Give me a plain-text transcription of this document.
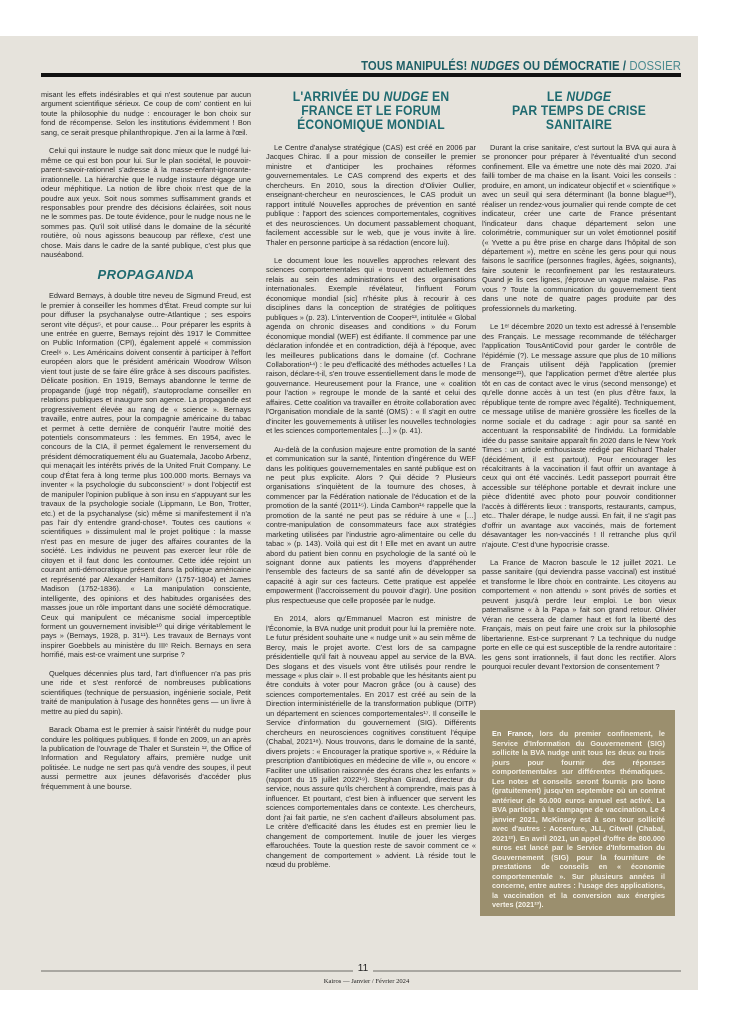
TOUS MANIPULÉS! NUDGES OU DÉMOCRATIE / DOSSIER

misant les effets indésirables et qui n'est soutenue par aucun argument scientifique sérieux. Ce coup de com' contient en lui toute la philosophie du nudge : encourager le bon choix sur fond de récompense. Selon les institutions évidemment ! Bon sang, ce serait presque philanthropique. J'en ai la larme à l'œil.

Celui qui instaure le nudge sait donc mieux que le nudgé lui-même ce qui est bon pour lui. Sur le plan sociétal, le pouvoir-parent-savoir-rationnel s'adresse à la masse-enfant-ignorante-irrationnelle. La hiérarchie que le nudge instaure dégage une odeur méphitique. La notion de libre choix n'est que de la poudre aux yeux. Soit nous sommes suffisamment grands et responsables pour prendre des décisions éclairées, soit nous ne le sommes pas. De toute évidence, pour le nudge nous ne le sommes pas. Qu'il soit utilisé dans le domaine de la sécurité routière, où nous agissons beaucoup par réflexe, c'est une chose. Mais dans le cadre de la santé publique, c'est plus que nauséabond.

PROPAGANDA

Edward Bernays, à double titre neveu de Sigmund Freud, est le premier à conseiller les hommes d'État. Freud compte sur lui pour diffuser la psychanalyse outre-Atlantique ; ses espoirs seront vite déçus⁵, et pour cause… Pour préparer les esprits à une entrée en guerre, Bernays rejoint dès 1917 le Committee on Public Information (CPI), également appelé « commission Creel⁶ ». Les Américains doivent consentir à participer à l'effort européen alors que le président américain Woodrow Wilson vient tout juste de se faire élire grâce à ses discours pacifistes. Délicate position. En 1919, Bernays abandonne le terme de propagande (jugé trop négatif), s'autoproclame conseiller en relations publiques et inaugure son agence. La propagande est progressivement élevée au rang de « science ». Bernays travaille, entre autres, pour la compagnie américaine du tabac et permet à cette dernière de conquérir l'autre moitié des potentiels consommateurs : les femmes. En 1954, avec le concours de la CIA, il permet également le renversement du président démocratiquement élu au Guatemala, Jacobo Arbenz, qui menaçait les intérêts privés de la United Fruit Company. Le coup d'État fera à long terme plus 100.000 morts. Bernays va inventer « la psychologie du subconscient⁷ » dont l'objectif est de manipuler l'opinion publique à son insu en s'appuyant sur les travaux de la psychologie sociale (Lippmann, Le Bon, Trotter, etc.) et de la psychanalyse (sic) même si manifestement il n'a pas l'air d'y entendre grand-chose⁸. Toutes ces cautions « scientifiques » dissimulent mal le projet politique : la masse n'est pas en mesure de juger des affaires courantes de la société. Les individus ne peuvent pas exercer leur rôle de citoyen et il faut donc les contourner. Cette idée rejoint un courant anti-démocratique présent dans la politique américaine et représenté par Alexander Hamilton⁹ (1757-1804) et James Madison (1752-1836). « La manipulation consciente, intelligente, des opinions et des habitudes organisées des masses joue un rôle important dans une société démocratique. Ceux qui manipulent ce mécanisme social imperceptible forment un gouvernement invisible¹⁰ qui dirige véritablement le pays » (Bernays, 1928, p. 31¹¹). Les travaux de Bernays vont inspirer Goebbels au ministère du IIIᵉ Reich. Bernays en sera horrifié, mais est-ce vraiment une surprise ?

Quelques décennies plus tard, l'art d'influencer n'a pas pris une ride et s'est renforcé de nombreuses publications scientifiques (technique de persuasion, ingénierie sociale, Petit traité de manipulation à l'usage des honnêtes gens — un livre à mettre au pied du sapin).

Barack Obama est le premier à saisir l'intérêt du nudge pour conduire les politiques publiques. Il fonde en 2009, un an après la publication de l'ouvrage de Thaler et Sunstein ¹², the Office of Information and Regulatory affairs, première nudge unit politisée. Le nudge ne sert pas qu'à vendre des soupes, il peut aussi permettre aux jeunes défavorisés d'accéder plus fréquemment à une bourse.

L'ARRIVÉE DU NUDGE EN FRANCE ET LE FORUM ÉCONOMIQUE MONDIAL

Le Centre d'analyse stratégique (CAS) est créé en 2006 par Jacques Chirac. Il a pour mission de conseiller le premier ministre et d'anticiper les prochaines réformes gouvernementales. Le CAS comprend des experts et des chercheurs. En 2010, sous la direction d'Olivier Oullier, enseignant-chercheur en neurosciences, le CAS produit un rapport intitulé Nouvelles approches de prévention en santé publique : l'apport des sciences comportementales, cognitives et des neurosciences. Un document passablement choquant, facilement accessible sur le web, que je vous invite à lire. Thaler en personne participe à sa rédaction (encore lui).

Le document loue les nouvelles approches relevant des sciences comportementales qui « trouvent actuellement des relais au sein des administrations et des organisations internationales. Exemple révélateur, l'influent Forum économique mondial [sic] n'hésite plus à recourir à ces disciplines dans la conception de stratégies de politiques publiques » (p. 23). L'intervention de Cooper¹³, intitulée « Global agenda on chronic diseases and conditions » du Forum économique mondial (WEF) est édifiante. Il commence par une déclaration infondée et en contradiction, déjà à l'époque, avec les meilleures publications dans le domaine (cf. Cochrane Collaboration¹⁴) : le peu d'efficacité des méthodes actuelles ! La raison, déclare-t-il, s'en trouve essentiellement dans le mode de gouvernance. Heureusement pour la France, une « coalition pour l'action » regroupe le monde de la santé et celui des affaires. Cette coalition va travailler en étroite collaboration avec l'Organisation mondiale de la santé (OMS) : « Il s'agit en outre d'inciter les gouvernements à utiliser les nouvelles technologies et les sciences comportementales […] » (p. 41).

Au-delà de la confusion majeure entre promotion de la santé et communication sur la santé, l'intention d'ingérence du WEF dans les politiques gouvernementales en santé publique est on ne peut plus explicite. Alors ? Qui décide ? Plusieurs organisations s'inquiètent de la tournure des choses, à commencer par la Fédération nationale de l'éducation et de la promotion de la santé (2011¹⁵). Linda Cambon¹⁶ rappelle que la promotion de la santé ne peut pas se réduire à une « […] contre-manipulation de consommateurs face aux stratégies marketing utilisées par l'industrie agro-alimentaire ou celle du tabac » (p. 143). Voilà qui est dit ! Elle met en avant un autre abord du patient bien connu en psychologie de la santé où le soignant donne aux patients les moyens d'appréhender l'ensemble des facteurs de sa santé afin de développer sa capacité à agir sur ces facteurs. Cette pratique est appelée empowerment (l'accroissement du pouvoir d'agir). Une position plus respectueuse que celle proposée par le nudge.

En 2014, alors qu'Emmanuel Macron est ministre de l'Économie, la BVA nudge unit produit pour lui la première note. Le futur président souhaite une « nudge unit » au sein même de Bercy, mais le projet avorte. C'est lors de sa campagne présidentielle qu'il fait à nouveau appel au service de la BVA. Des slogans et des visuels vont être utilisés pour rendre le message « plus clair ». Il est probable que les hésitants aient pu être conduits à voter pour Macron grâce (ou à cause) des sciences comportementales. En 2017 est créé au sein de la Direction interministérielle de la transformation publique (DITP) un département en sciences comportementales¹⁷. Il conseille le Service d'information du gouvernement (SIG). Différents chercheurs en neurosciences cognitives constituent l'équipe (Chabal, 2021¹⁸). Nous trouvons, dans le domaine de la santé, divers projets : « Encourager la pratique sportive », « Réduire la prescription d'antibiotiques en médecine de ville », ou encore « Faciliter une utilisation raisonnée des écrans chez les enfants » (rapport du 15 juillet 2022¹⁹). Stephan Giraud, directeur du service, nous assure qu'ils cherchent à comprendre, mais pas à influencer. Et pourtant, c'est bien à influencer que servent les sciences comportementales dans ce contexte. Les chercheurs, dont j'ai fait partie, ne s'en cachent d'ailleurs absolument pas. Le critère d'efficacité dans les études est en premier lieu le changement de comportement. Inutile de jouer les vierges effarouchées. Toute la question reste de savoir comment ce « changement de comportement » advient. Là réside tout le nœud du problème.

LE NUDGE
PAR TEMPS DE CRISE SANITAIRE

Durant la crise sanitaire, c'est surtout la BVA qui aura à se prononcer pour préparer à l'éventualité d'un second confinement. Elle va émettre une note dès mai 2020. J'ai failli tomber de ma chaise en la lisant. Voici les conseils : produire, en amont, un indicateur objectif et « scientifique » avec un seuil qui sera déterminant (la bonne blague²⁰), réaliser un rendez-vous journalier qui rende compte de cet indicateur, créer une carte de France présentant l'indicateur dans chaque département selon une colorimétrie, communiquer sur un volet émotionnel positif (« Yvette a pu être prise en charge dans l'hôpital de son département »), mettre en scène les gens pour qui nous faisons le sacrifice (personnes fragiles, âgées, soignants), faire soutenir le reconfinement par les restaurateurs. Quand je lis ces lignes, j'éprouve un vague malaise. Pas vous ? Toute la communication du gouvernement tient dans une note de quatre pages produite par des professionnels du marketing.

Le 1ᵉʳ décembre 2020 un texto est adressé à l'ensemble des Français. Le message recommande de télécharger l'application TousAntiCovid pour garder le contrôle de l'épidémie (?). Le message assure que plus de 10 millions de Français utilisent déjà l'application (premier mensonge²¹), que l'application permet d'être alertée plus tôt en cas de contact avec le virus (second mensonge) et qu'elle donne accès à un test (en plus d'être faux, la république tente de rompre avec l'égalité). Techniquement, ce message utilise de manière grossière les ficelles de la norme sociale et du cadrage : agir pour sa santé en accentuant la responsabilité de l'individu. La formidable idée du passe sanitaire apparaît fin 2020 dans le New York Times : un article enthousiaste rédigé par Richard Thaler (décidément, il est partout). Pour encourager les récalcitrants à la vaccination il faut offrir un avantage à ceux qui ont été vaccinés. Ledit passeport pourrait être accessible sur téléphone portable et devrait inclure une pièce d'identité avec photo pour pouvoir conditionner l'accès à différents lieux : transports, restaurants, campus, etc.. Thaler dérape, le nudge aussi. En fait, il ne s'agit pas d'offrir un avantage aux vaccinés, mais de fortement désavantager les non-vaccinés ! Il retranche plus qu'il n'ajoute. C'est d'une hypocrisie crasse.

La France de Macron bascule le 12 juillet 2021. Le passe sanitaire (qui deviendra passe vaccinal) est institué et transforme le libre choix en contrainte. Les citoyens au comportement « non attendu » sont privés de sorties et peuvent jusqu'à perdre leur emploi. Le bon vieux paternalisme « à la Papa » fait son grand retour. Olivier Véran ne cessera de clamer haut et fort la liberté des Français, mais on peut faire une croix sur la philosophie libertarienne. Est-ce surprenant ? La technique du nudge porte en elle ce qui est susceptible de la rendre autoritaire : les gens sont irrationnels, il faut donc les rectifier. Alors pourquoi reculer devant l'extorsion de consentement ?

En France, lors du premier confinement, le Service d'Information du Gouvernement (SIG) sollicite la BVA nudge unit tous les deux ou trois jours pour fournir des réponses comportementales sur différentes thématiques. Les notes et conseils seront fournis pro bono (gratuitement) jusqu'en septembre où un contrat antérieur de 50.000 euros annuel est activé. La BVA participe à la campagne de vaccination. Le 4 janvier 2021, McKinsey est à son tour sollicité avec d'autres : Accenture, JLL, Citwell (Chabal, 2021²²). En avril 2021, un appel d'offre de 800.000 euros est lancé par le Service d'Information du Gouvernement (SIG) pour la fourniture de prestations de conseils en « économie comportementale ». Sur plusieurs années il concerne, entre autres : l'usage des applications, la vaccination et la conversion aux énergies vertes (2021²³).
11
Kairos — Janvier / Février 2024
